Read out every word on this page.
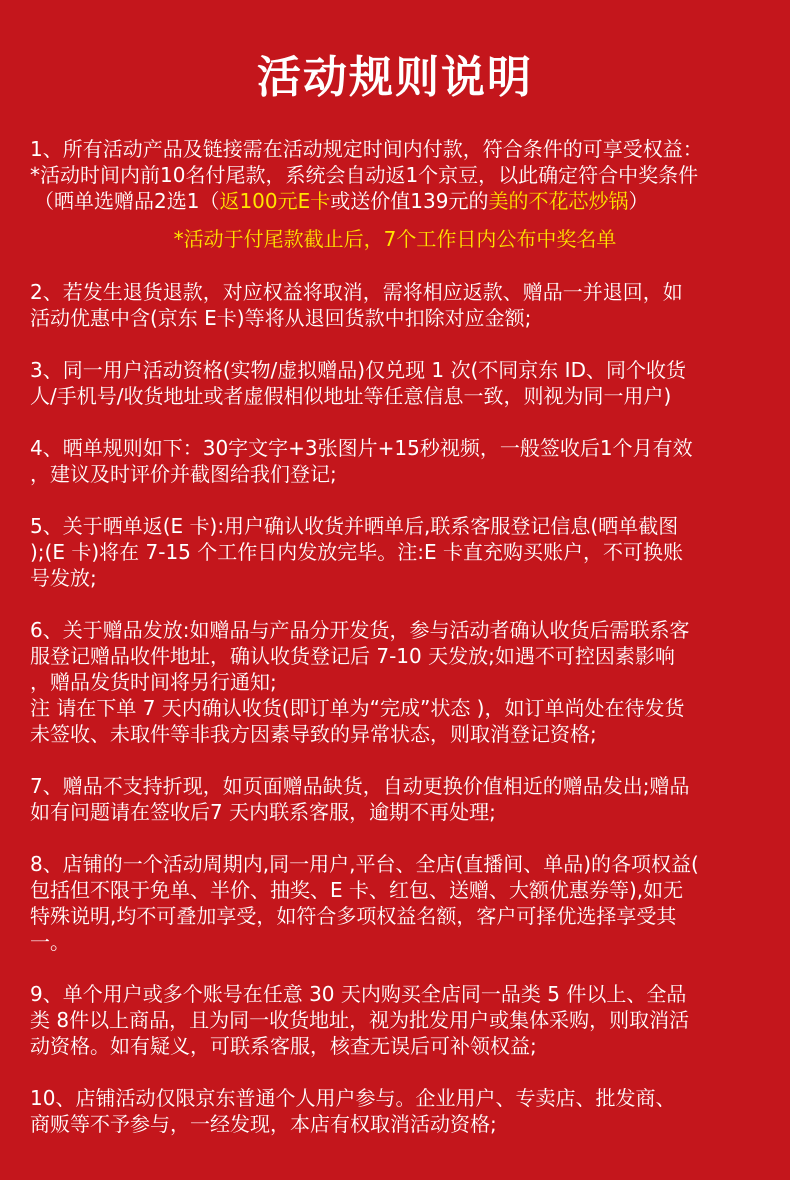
活动规则说明

1、所有活动产品及链接需在活动规定时间内付款，符合条件的可享受权益：

*活动时间内前10名付尾款，系统会自动返1个京豆，以此确定符合中奖条件

（晒单选赠品2选1（返100元E卡或送价值139元的美的不花芯炒锅）

*活动于付尾款截止后，7个工作日内公布中奖名单

2、若发生退货退款，对应权益将取消，需将相应返款、赠品一并退回，如

活动优惠中含(京东 E卡)等将从退回货款中扣除对应金额;

3、同一用户活动资格(实物/虚拟赠品)仅兑现 1 次(不同京东 ID、同个收货

人/手机号/收货地址或者虚假相似地址等任意信息一致，则视为同一用户)

4、晒单规则如下：30字文字+3张图片+15秒视频，一般签收后1个月有效

，建议及时评价并截图给我们登记;

5、关于晒单返(E 卡):用户确认收货并晒单后,联系客服登记信息(晒单截图

);(E 卡)将在 7-15 个工作日内发放完毕。注:E 卡直充购买账户，不可换账

号发放;

6、关于赠品发放:如赠品与产品分开发货，参与活动者确认收货后需联系客

服登记赠品收件地址，确认收货登记后 7-10 天发放;如遇不可控因素影响

，赠品发货时间将另行通知;

注 请在下单 7 天内确认收货(即订单为“完成”状态 )，如订单尚处在待发货

未签收、未取件等非我方因素导致的异常状态，则取消登记资格;

7、赠品不支持折现，如页面赠品缺货，自动更换价值相近的赠品发出;赠品

如有问题请在签收后7 天内联系客服，逾期不再处理;

8、店铺的一个活动周期内,同一用户,平台、全店(直播间、单品)的各项权益(

包括但不限于免单、半价、抽奖、E 卡、红包、送赠、大额优惠券等),如无

特殊说明,均不可叠加享受，如符合多项权益名额，客户可择优选择享受其

一。

9、单个用户或多个账号在任意 30 天内购买全店同一品类 5 件以上、全品

类 8件以上商品，且为同一收货地址，视为批发用户或集体采购，则取消活

动资格。如有疑义，可联系客服，核查无误后可补领权益;

10、店铺活动仅限京东普通个人用户参与。企业用户、专卖店、批发商、

商贩等不予参与，一经发现，本店有权取消活动资格;
